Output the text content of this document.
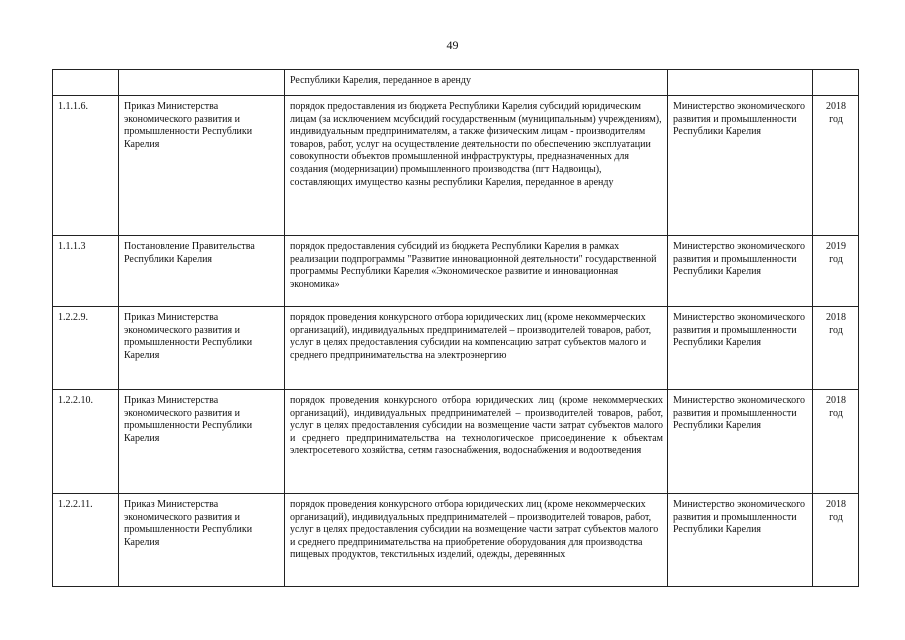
49
		Республики Карелия, переданное в аренду		

1.1.1.6.	Приказ Министерства экономического развития и промышленности Республики Карелия	порядок предоставления из бюджета Республики Карелия субсидий юридическим лицам (за исключением мсубсидий государственным (муниципальным) учреждениям), индивидуальным предпринимателям, а также физическим лицам - производителям товаров, работ, услуг на осуществление деятельности по обеспечению эксплуатации совокупности объектов промышленной инфраструктуры, предназначенных для создания (модернизации) промышленного производства (пгт Надвоицы), составляющих имущество казны республики Карелия, переданное в аренду	Министерство экономического развития и промышленности Республики Карелия	2018
год

1.1.1.3	Постановление Правительства Республики Карелия	порядок предоставления субсидий из бюджета Республики Карелия в рамках реализации подпрограммы "Развитие инновационной деятельности" государственной программы Республики Карелия «Экономическое развитие и инновационная экономика»	Министерство экономического развития и промышленности Республики Карелия	2019
год

1.2.2.9.	Приказ Министерства экономического развития и промышленности Республики Карелия	порядок проведения конкурсного отбора юридических лиц (кроме некоммерческих организаций), индивидуальных предпринимателей – производителей товаров, работ, услуг в целях предоставления субсидии на компенсацию затрат субъектов малого и среднего предпринимательства на электроэнергию	Министерство экономического развития и промышленности Республики Карелия	2018
год

1.2.2.10.	Приказ Министерства экономического развития и промышленности Республики Карелия	порядок проведения конкурсного отбора юридических лиц (кроме некоммерческих организаций), индивидуальных предпринимателей – производителей товаров, работ, услуг в целях предоставления субсидии на возмещение части затрат субъектов малого и среднего предпринимательства на технологическое присоединение к объектам электросетевого хозяйства, сетям газоснабжения, водоснабжения и водоотведения	Министерство экономического развития и промышленности Республики Карелия	2018
год

1.2.2.11.	Приказ Министерства экономического развития и промышленности Республики Карелия	порядок проведения конкурсного отбора юридических лиц (кроме некоммерческих организаций), индивидуальных предпринимателей – производителей товаров, работ, услуг в целях предоставления субсидии на возмещение части затрат субъектов малого и среднего предпринимательства на приобретение оборудования для производства пищевых продуктов, текстильных изделий, одежды, деревянных	Министерство экономического развития и промышленности Республики Карелия	2018
год
